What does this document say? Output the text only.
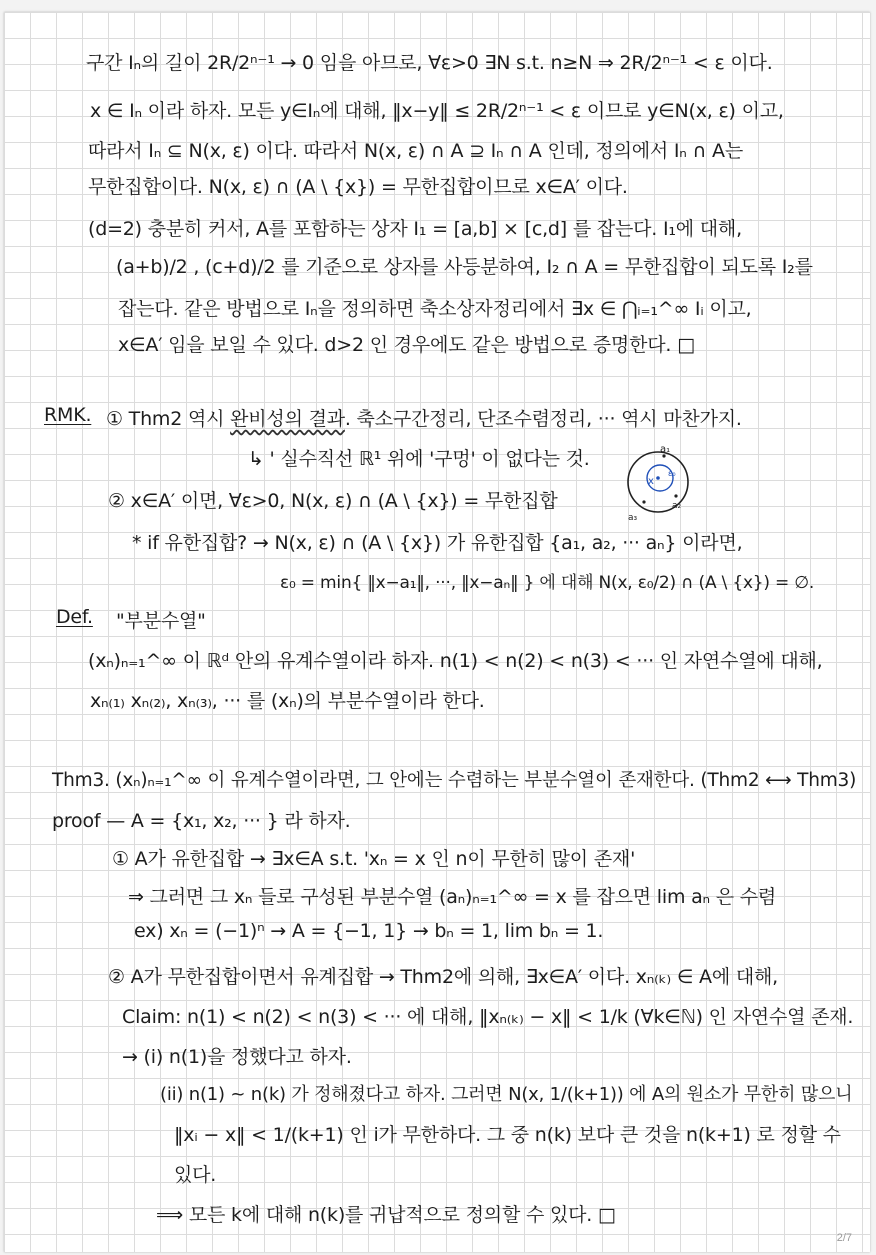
구간 Iₙ의 길이 2R/2ⁿ⁻¹ → 0 임을 아므로, ∀ε>0 ∃N s.t. n≥N ⇒ 2R/2ⁿ⁻¹ < ε 이다.
x ∈ Iₙ 이라 하자. 모든 y∈Iₙ에 대해, ‖x−y‖ ≤ 2R/2ⁿ⁻¹ < ε 이므로 y∈N(x, ε) 이고,
따라서 Iₙ ⊆ N(x, ε) 이다. 따라서 N(x, ε) ∩ A ⊇ Iₙ ∩ A 인데, 정의에서 Iₙ ∩ A는
무한집합이다. N(x, ε) ∩ (A \ {x}) = 무한집합이므로 x∈A′ 이다.
(d=2) 충분히 커서, A를 포함하는 상자 I₁ = [a,b] × [c,d] 를 잡는다. I₁에 대해,
(a+b)/2 , (c+d)/2 를 기준으로 상자를 사등분하여, I₂ ∩ A = 무한집합이 되도록 I₂를
잡는다. 같은 방법으로 Iₙ을 정의하면 축소상자정리에서 ∃x ∈ ⋂ᵢ₌₁^∞ Iᵢ 이고,
x∈A′ 임을 보일 수 있다. d>2 인 경우에도 같은 방법으로 증명한다. □
RMK. ① Thm2 역시 완비성의 결과. 축소구간정리, 단조수렴정리, ··· 역시 마찬가지.
↳ ' 실수직선 ℝ¹ 위에 '구멍' 이 없다는 것.
② x∈A′ 이면, ∀ε>0, N(x, ε) ∩ (A \ {x}) = 무한집합
* if 유한집합? → N(x, ε) ∩ (A \ {x}) 가 유한집합 {a₁, a₂, ··· aₙ} 이라면,
ε₀ = min{ ‖x−a₁‖, ···, ‖x−aₙ‖ } 에 대해 N(x, ε₀/2) ∩ (A \ {x}) = ∅.
a₁
x
ε₀
a₂
a₃
Def. "부분수열"
(xₙ)ₙ₌₁^∞ 이 ℝᵈ 안의 유계수열이라 하자. n(1) < n(2) < n(3) < ··· 인 자연수열에 대해,
xₙ₍₁₎ xₙ₍₂₎, xₙ₍₃₎, ··· 를 (xₙ)의 부분수열이라 한다.
Thm3. (xₙ)ₙ₌₁^∞ 이 유계수열이라면, 그 안에는 수렴하는 부분수열이 존재한다. (Thm2 ⟷ Thm3)
proof — A = {x₁, x₂, ··· } 라 하자.
① A가 유한집합 → ∃x∈A s.t. 'xₙ = x 인 n이 무한히 많이 존재'
⇒ 그러면 그 xₙ 들로 구성된 부분수열 (aₙ)ₙ₌₁^∞ = x 를 잡으면 lim aₙ 은 수렴
ex) xₙ = (−1)ⁿ → A = {−1, 1} → bₙ = 1, lim bₙ = 1.
② A가 무한집합이면서 유계집합 → Thm2에 의해, ∃x∈A′ 이다. xₙ₍ₖ₎ ∈ A에 대해,
Claim: n(1) < n(2) < n(3) < ··· 에 대해, ‖xₙ₍ₖ₎ − x‖ < 1/k (∀k∈ℕ) 인 자연수열 존재.
→ (i) n(1)을 정했다고 하자.
(ii) n(1) ~ n(k) 가 정해졌다고 하자. 그러면 N(x, 1/(k+1)) 에 A의 원소가 무한히 많으니
‖xᵢ − x‖ < 1/(k+1) 인 i가 무한하다. 그 중 n(k) 보다 큰 것을 n(k+1) 로 정할 수
있다.
⟹ 모든 k에 대해 n(k)를 귀납적으로 정의할 수 있다. □
2/7
